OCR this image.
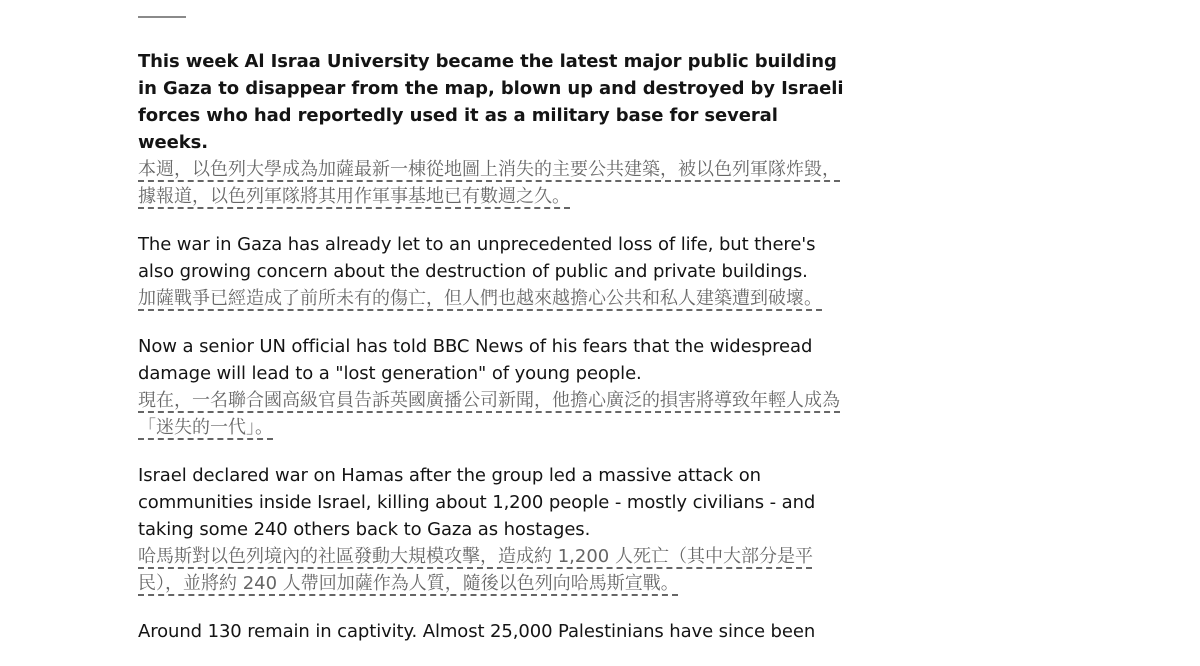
This week Al Israa University became the latest major public building in Gaza to disappear from the map, blown up and destroyed by Israeli forces who had reportedly used it as a military base for several weeks.
本週，以色列大學成為加薩最新一棟從地圖上消失的主要公共建築，被以色列軍隊炸毀，據報道，以色列軍隊將其用作軍事基地已有數週之久。
The war in Gaza has already let to an unprecedented loss of life, but there's also growing concern about the destruction of public and private buildings.
加薩戰爭已經造成了前所未有的傷亡，但人們也越來越擔心公共和私人建築遭到破壞。
Now a senior UN official has told BBC News of his fears that the widespread damage will lead to a "lost generation" of young people.
現在，一名聯合國高級官員告訴英國廣播公司新聞，他擔心廣泛的損害將導致年輕人成為「迷失的一代」。
Israel declared war on Hamas after the group led a massive attack on communities inside Israel, killing about 1,200 people - mostly civilians - and taking some 240 others back to Gaza as hostages.
哈馬斯對以色列境內的社區發動大規模攻擊，造成約 1,200 人死亡（其中大部分是平民），並將約 240 人帶回加薩作為人質，隨後以色列向哈馬斯宣戰。
Around 130 remain in captivity. Almost 25,000 Palestinians have since been
